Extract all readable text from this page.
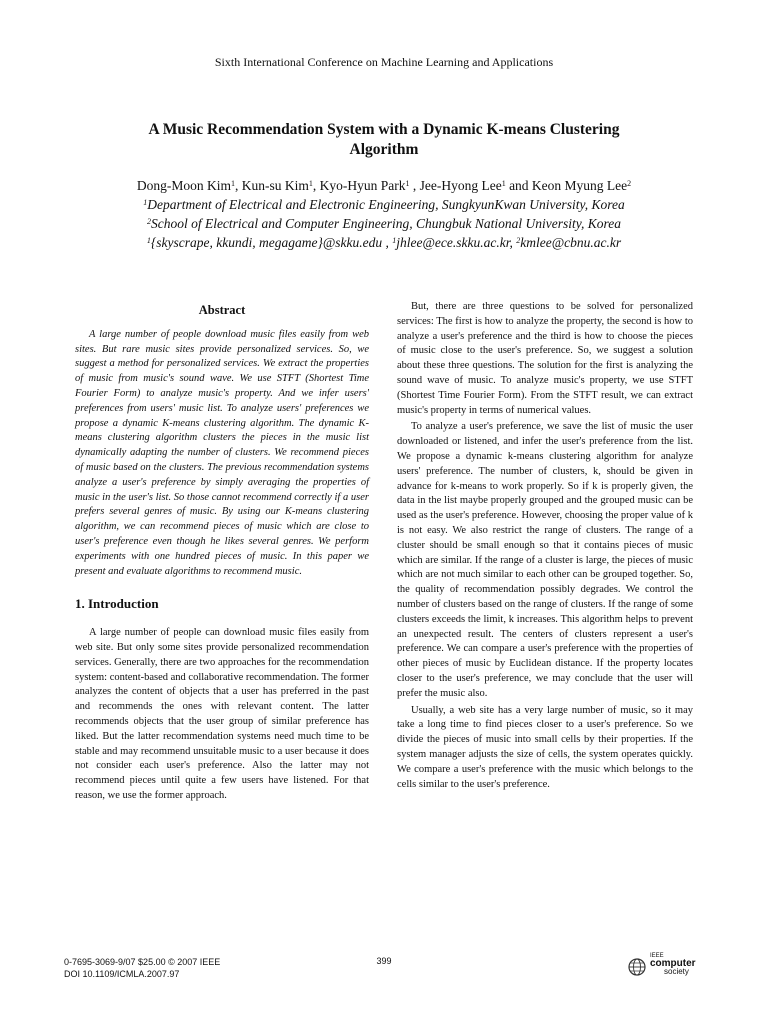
Sixth International Conference on Machine Learning and Applications
A Music Recommendation System with a Dynamic K-means Clustering
Algorithm
Dong-Moon Kim$^1$, Kun-su Kim$^1$, Kyo-Hyun Park$^1$ , Jee-Hyong Lee$^1$ and Keon Myung Lee$^2$
$^1$Department of Electrical and Electronic Engineering, SungkyunKwan University, Korea
$^2$School of Electrical and Computer Engineering, Chungbuk National University, Korea
$^1${skyscrape, kkundi, megagame}@skku.edu , $^1$jhlee@ece.skku.ac.kr, $^2$kmlee@cbnu.ac.kr
Abstract

A large number of people download music files easily from web sites. But rare music sites provide personalized services. So, we suggest a method for personalized services. We extract the properties of music from music's sound wave. We use STFT (Shortest Time Fourier Form) to analyze music's property. And we infer users' preferences from users' music list. To analyze users' preferences we propose a dynamic K-means clustering algorithm. The dynamic K-means clustering algorithm clusters the pieces in the music list dynamically adapting the number of clusters. We recommend pieces of music based on the clusters. The previous recommendation systems analyze a user's preference by simply averaging the properties of music in the user's list. So those cannot recommend correctly if a user prefers several genres of music. By using our K-means clustering algorithm, we can recommend pieces of music which are close to user's preference even though he likes several genres. We perform experiments with one hundred pieces of music. In this paper we present and evaluate algorithms to recommend music.

1. Introduction

A large number of people can download music files easily from web site. But only some sites provide personalized recommendation services. Generally, there are two approaches for the recommendation system: content-based and collaborative recommendation. The former analyzes the content of objects that a user has preferred in the past and recommends the ones with relevant content. The latter recommends objects that the user group of similar preference has liked. But the latter recommendation systems need much time to be stable and may recommend unsuitable music to a user because it does not consider each user's preference. Also the latter may not recommend pieces until quite a few users have listened. For that reason, we use the former approach.

But, there are three questions to be solved for personalized services: The first is how to analyze the property, the second is how to analyze a user's preference and the third is how to choose the pieces of music close to the user's preference. So, we suggest a solution about these three questions. The solution for the first is analyzing the sound wave of music. To analyze music's property, we use STFT (Shortest Time Fourier Form). From the STFT result, we can extract music's property in terms of numerical values.

To analyze a user's preference, we save the list of music the user downloaded or listened, and infer the user's preference from the list. We propose a dynamic k-means clustering algorithm for analyze users' preference. The number of clusters, k, should be given in advance for k-means to work properly. So if k is properly given, the data in the list maybe properly grouped and the grouped music can be used as the user's preference. However, choosing the proper value of k is not easy. We also restrict the range of clusters. The range of a cluster should be small enough so that it contains pieces of music which are similar. If the range of a cluster is large, the pieces of music which are not much similar to each other can be grouped together. So, the quality of recommendation possibly degrades. We control the number of clusters based on the range of clusters. If the range of some clusters exceeds the limit, k increases. This algorithm helps to prevent an unexpected result. The centers of clusters represent a user's preference. We can compare a user's preference with the properties of other pieces of music by Euclidean distance. If the property locates closer to the user's preference, we may conclude that the user will prefer the music also.

Usually, a web site has a very large number of music, so it may take a long time to find pieces closer to a user's preference. So we divide the pieces of music into small cells by their properties. If the system manager adjusts the size of cells, the system operates quickly. We compare a user's preference with the music which belongs to the cells similar to the user's preference.

0-7695-3069-9/07 $25.00 © 2007 IEEE
DOI 10.1109/ICMLA.2007.97
399	IEEE
computer
society
